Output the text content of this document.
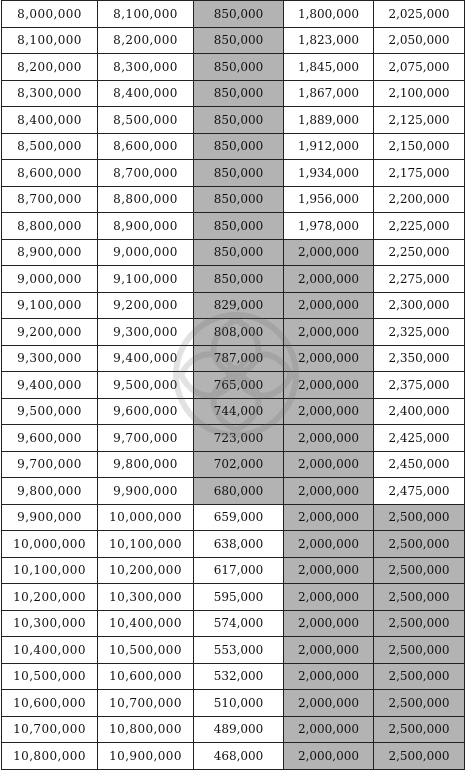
8,000,000	8,100,000	850,000	1,800,000	2,025,000
8,100,000	8,200,000	850,000	1,823,000	2,050,000
8,200,000	8,300,000	850,000	1,845,000	2,075,000
8,300,000	8,400,000	850,000	1,867,000	2,100,000
8,400,000	8,500,000	850,000	1,889,000	2,125,000
8,500,000	8,600,000	850,000	1,912,000	2,150,000
8,600,000	8,700,000	850,000	1,934,000	2,175,000
8,700,000	8,800,000	850,000	1,956,000	2,200,000
8,800,000	8,900,000	850,000	1,978,000	2,225,000
8,900,000	9,000,000	850,000	2,000,000	2,250,000
9,000,000	9,100,000	850,000	2,000,000	2,275,000
9,100,000	9,200,000	829,000	2,000,000	2,300,000
9,200,000	9,300,000	808,000	2,000,000	2,325,000
9,300,000	9,400,000	787,000	2,000,000	2,350,000
9,400,000	9,500,000	765,000	2,000,000	2,375,000
9,500,000	9,600,000	744,000	2,000,000	2,400,000
9,600,000	9,700,000	723,000	2,000,000	2,425,000
9,700,000	9,800,000	702,000	2,000,000	2,450,000
9,800,000	9,900,000	680,000	2,000,000	2,475,000
9,900,000	10,000,000	659,000	2,000,000	2,500,000
10,000,000	10,100,000	638,000	2,000,000	2,500,000
10,100,000	10,200,000	617,000	2,000,000	2,500,000
10,200,000	10,300,000	595,000	2,000,000	2,500,000
10,300,000	10,400,000	574,000	2,000,000	2,500,000
10,400,000	10,500,000	553,000	2,000,000	2,500,000
10,500,000	10,600,000	532,000	2,000,000	2,500,000
10,600,000	10,700,000	510,000	2,000,000	2,500,000
10,700,000	10,800,000	489,000	2,000,000	2,500,000
10,800,000	10,900,000	468,000	2,000,000	2,500,000
